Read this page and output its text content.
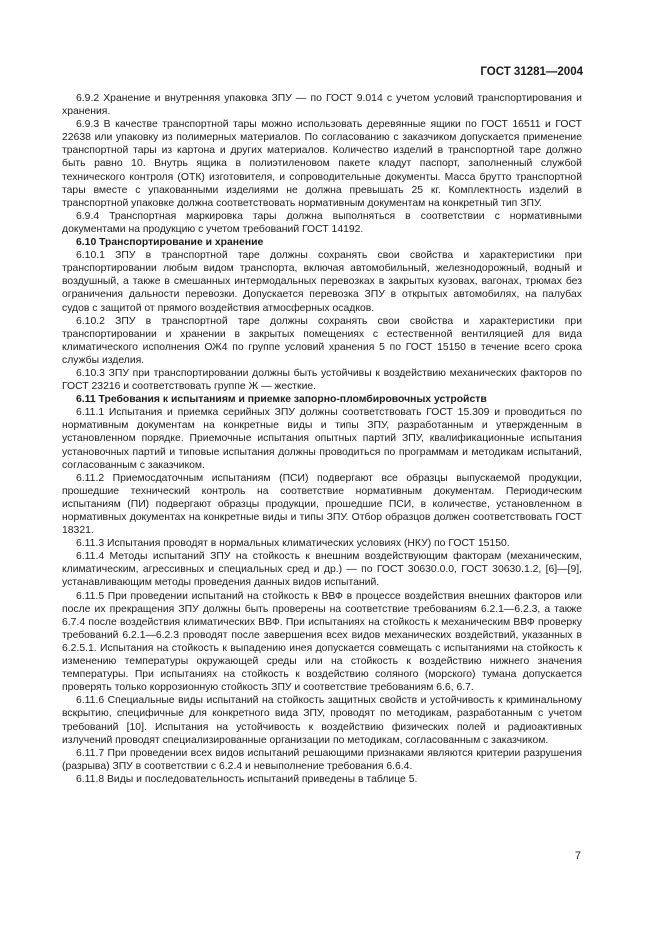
ГОСТ 31281—2004

6.9.2 Хранение и внутренняя упаковка ЗПУ — по ГОСТ 9.014 с учетом условий транспортирования и хранения.

6.9.3 В качестве транспортной тары можно использовать деревянные ящики по ГОСТ 16511 и ГОСТ 22638 или упаковку из полимерных материалов. По согласованию с заказчиком допускается применение транспортной тары из картона и других материалов. Количество изделий в транспортной таре должно быть равно 10. Внутрь ящика в полиэтиленовом пакете кладут паспорт, заполненный службой технического контроля (ОТК) изготовителя, и сопроводительные документы. Масса брутто транспортной тары вместе с упакованными изделиями не должна превышать 25 кг. Комплектность изделий в транспортной упаковке должна соответствовать нормативным документам на конкретный тип ЗПУ.

6.9.4 Транспортная маркировка тары должна выполняться в соответствии с нормативными документами на продукцию с учетом требований ГОСТ 14192.

6.10 Транспортирование и хранение

6.10.1 ЗПУ в транспортной таре должны сохранять свои свойства и характеристики при транспортировании любым видом транспорта, включая автомобильный, железнодорожный, водный и воздушный, а также в смешанных интермодальных перевозках в закрытых кузовах, вагонах, трюмах без ограничения дальности перевозки. Допускается перевозка ЗПУ в открытых автомобилях, на палубах судов с защитой от прямого воздействия атмосферных осадков.

6.10.2 ЗПУ в транспортной таре должны сохранять свои свойства и характеристики при транспортировании и хранении в закрытых помещениях с естественной вентиляцией для вида климатического исполнения ОЖ4 по группе условий хранения 5 по ГОСТ 15150 в течение всего срока службы изделия.

6.10.3 ЗПУ при транспортировании должны быть устойчивы к воздействию механических факторов по ГОСТ 23216 и соответствовать группе Ж — жесткие.

6.11 Требования к испытаниям и приемке запорно-пломбировочных устройств

6.11.1 Испытания и приемка серийных ЗПУ должны соответствовать ГОСТ 15.309 и проводиться по нормативным документам на конкретные виды и типы ЗПУ, разработанным и утвержденным в установленном порядке. Приемочные испытания опытных партий ЗПУ, квалификационные испытания установочных партий и типовые испытания должны проводиться по программам и методикам испытаний, согласованным с заказчиком.

6.11.2 Приемосдаточным испытаниям (ПСИ) подвергают все образцы выпускаемой продукции, прошедшие технический контроль на соответствие нормативным документам. Периодическим испытаниям (ПИ) подвергают образцы продукции, прошедшие ПСИ, в количестве, установленном в нормативных документах на конкретные виды и типы ЗПУ. Отбор образцов должен соответствовать ГОСТ 18321.

6.11.3 Испытания проводят в нормальных климатических условиях (НКУ) по ГОСТ 15150.

6.11.4 Методы испытаний ЗПУ на стойкость к внешним воздействующим факторам (механическим, климатическим, агрессивных и специальных сред и др.) — по ГОСТ 30630.0.0, ГОСТ 30630.1.2, [6]—[9], устанавливающим методы проведения данных видов испытаний.

6.11.5 При проведении испытаний на стойкость к ВВФ в процессе воздействия внешних факторов или после их прекращения ЗПУ должны быть проверены на соответствие требованиям 6.2.1—6.2.3, а также 6.7.4 после воздействия климатических ВВФ. При испытаниях на стойкость к механическим ВВФ проверку требований 6.2.1—6.2.3 проводят после завершения всех видов механических воздействий, указанных в 6.2.5.1. Испытания на стойкость к выпадению инея допускается совмещать с испытаниями на стойкость к изменению температуры окружающей среды или на стойкость к воздействию нижнего значения температуры. При испытаниях на стойкость к воздействию соляного (морского) тумана допускается проверять только коррозионную стойкость ЗПУ и соответствие требованиям 6.6, 6.7.

6.11.6 Специальные виды испытаний на стойкость защитных свойств и устойчивость к криминальному вскрытию, специфичные для конкретного вида ЗПУ, проводят по методикам, разработанным с учетом требований [10]. Испытания на устойчивость к воздействию физических полей и радиоактивных излучений проводят специализированные организации по методикам, согласованным с заказчиком.

6.11.7 При проведении всех видов испытаний решающими признаками являются критерии разрушения (разрыва) ЗПУ в соответствии с 6.2.4 и невыполнение требования 6.6.4.

6.11.8 Виды и последовательность испытаний приведены в таблице 5.

7
